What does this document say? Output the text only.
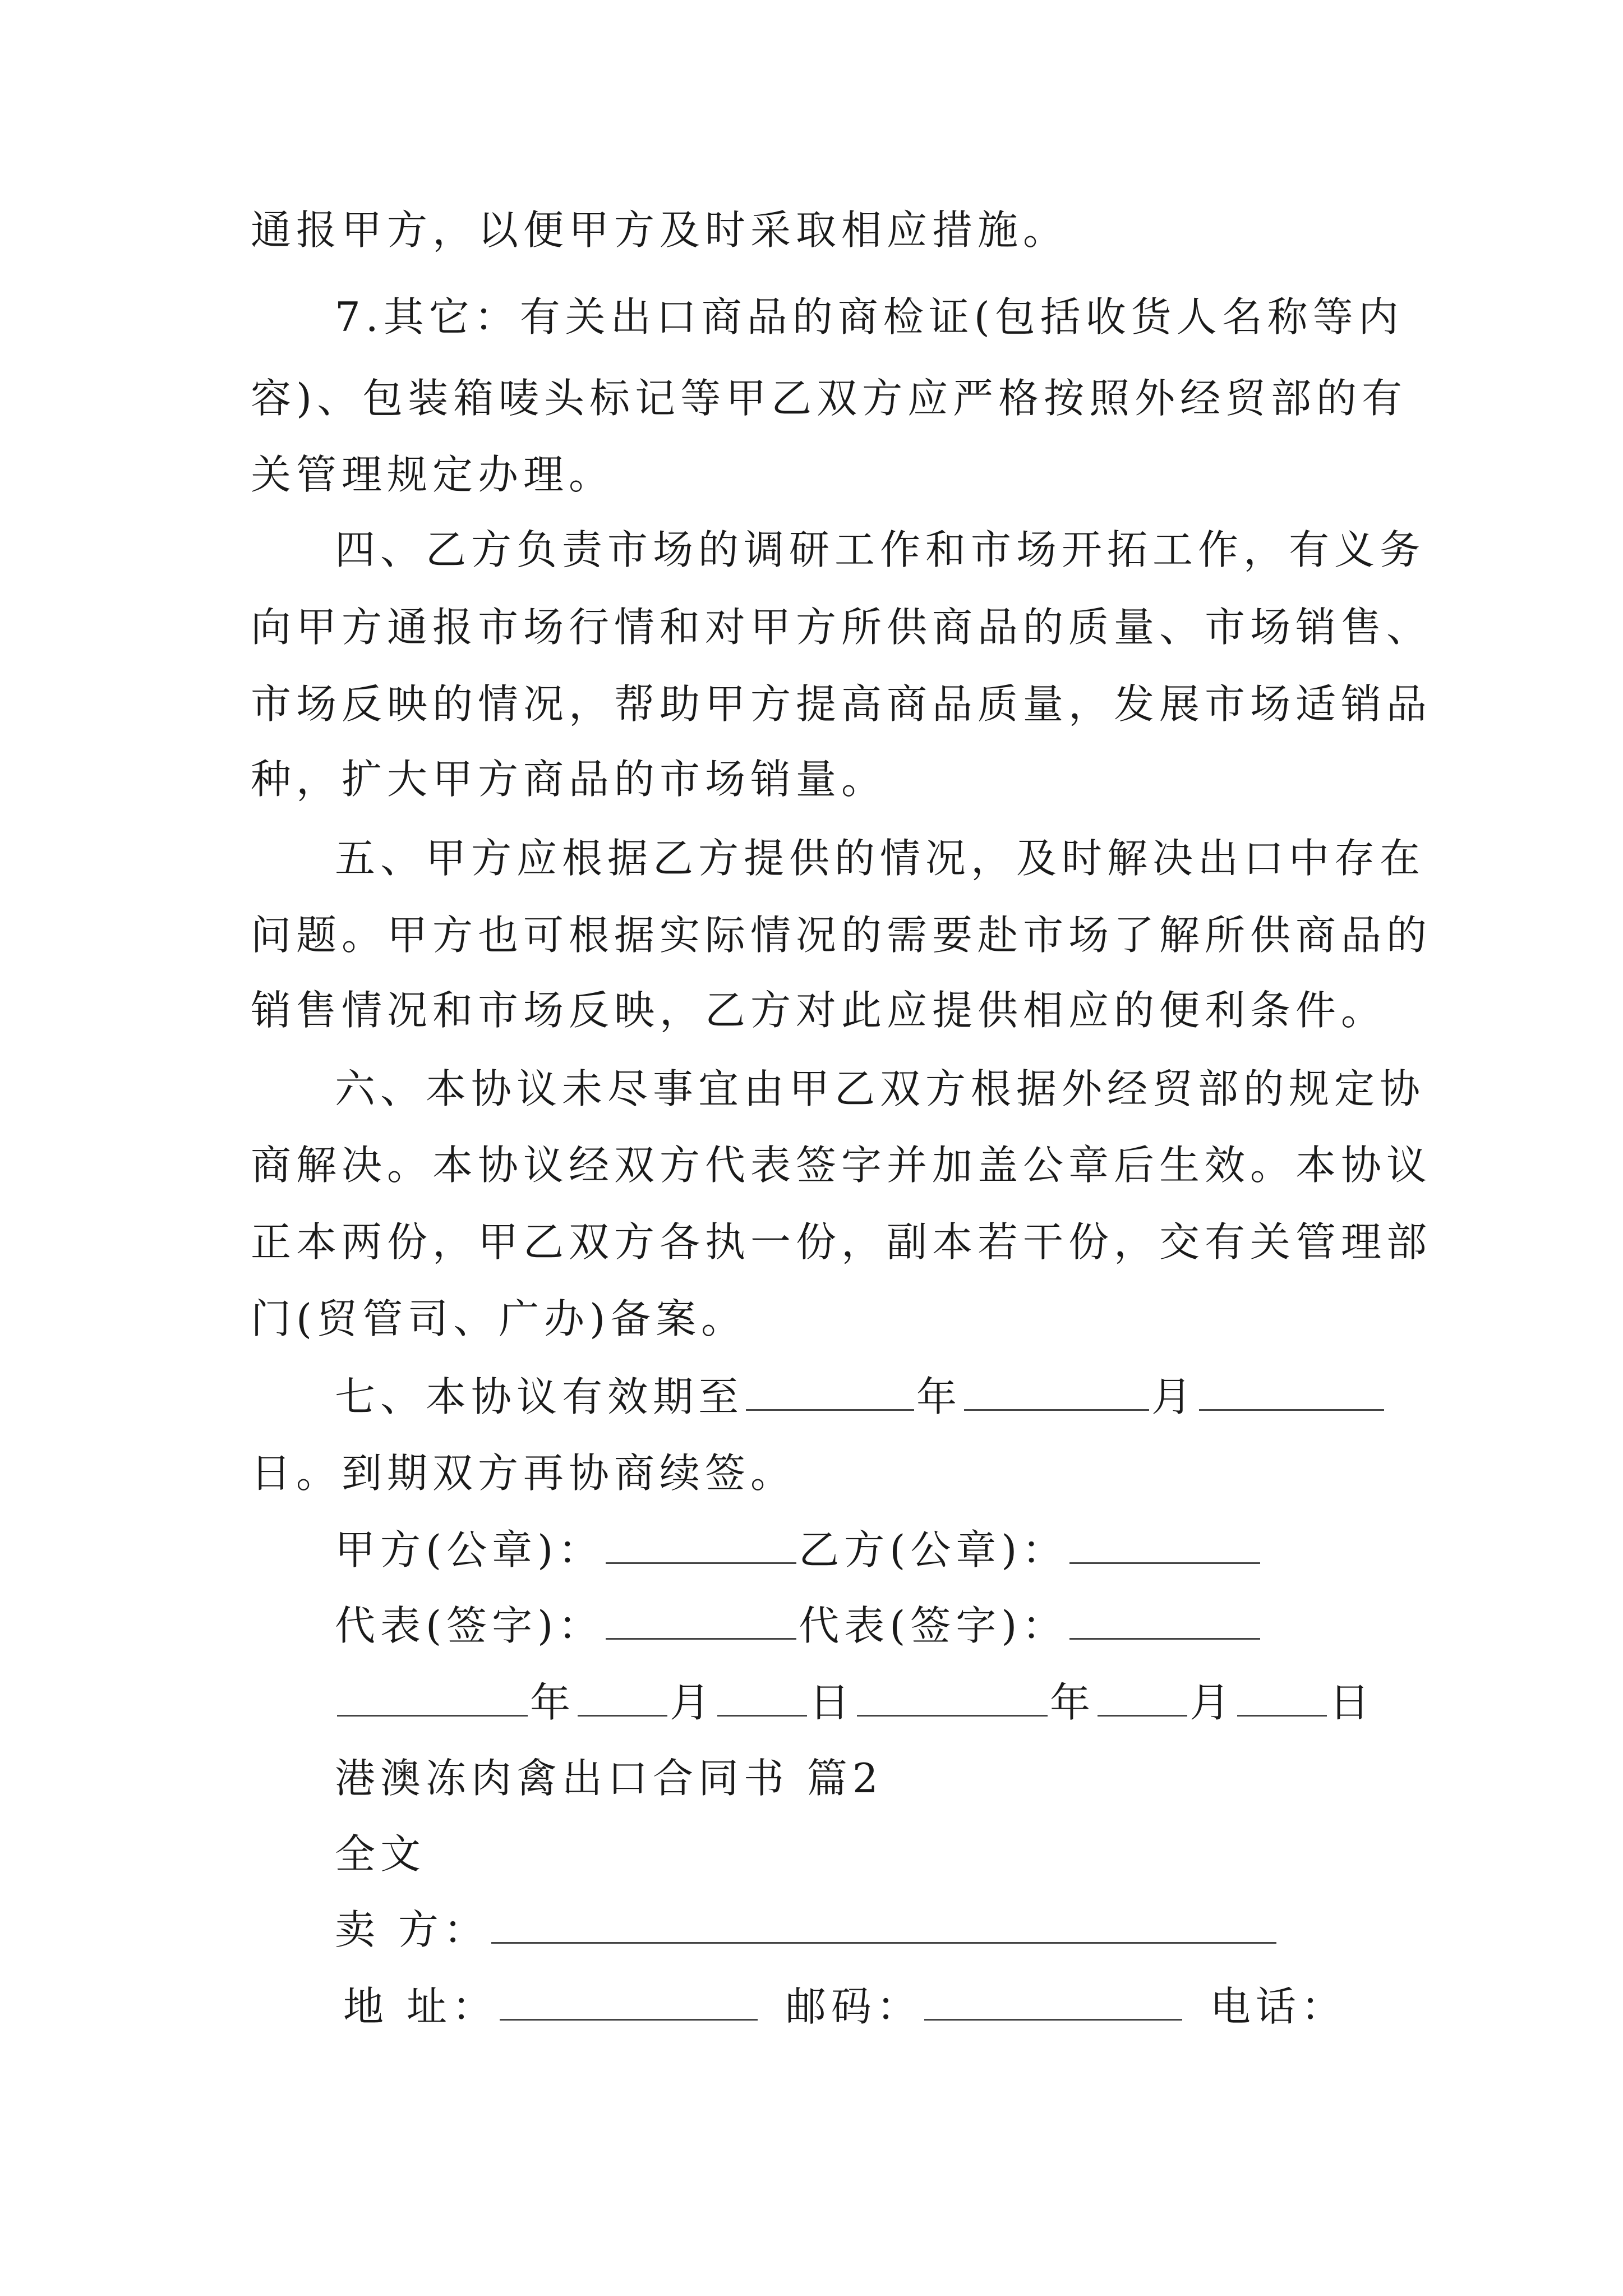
通报甲方，以便甲方及时采取相应措施。
7.其它：有关出口商品的商检证(包括收货人名称等内
容)、包装箱唛头标记等甲乙双方应严格按照外经贸部的有
关管理规定办理。
四、乙方负责市场的调研工作和市场开拓工作，有义务
向甲方通报市场行情和对甲方所供商品的质量、市场销售、
市场反映的情况，帮助甲方提高商品质量，发展市场适销品
种，扩大甲方商品的市场销量。
五、甲方应根据乙方提供的情况，及时解决出口中存在
问题。甲方也可根据实际情况的需要赴市场了解所供商品的
销售情况和市场反映，乙方对此应提供相应的便利条件。
六、本协议未尽事宜由甲乙双方根据外经贸部的规定协
商解决。本协议经双方代表签字并加盖公章后生效。本协议
正本两份，甲乙双方各执一份，副本若干份，交有关管理部
门(贸管司、广办)备案。
七、本协议有效期至	年	月
日。到期双方再协商续签。
甲方(公章)：	乙方(公章)：
代表(签字)：	代表(签字)：
年 月 日	年 月 日
港澳冻肉禽出口合同书 篇2
全文
卖 方：
地 址：	邮码：	电话：
